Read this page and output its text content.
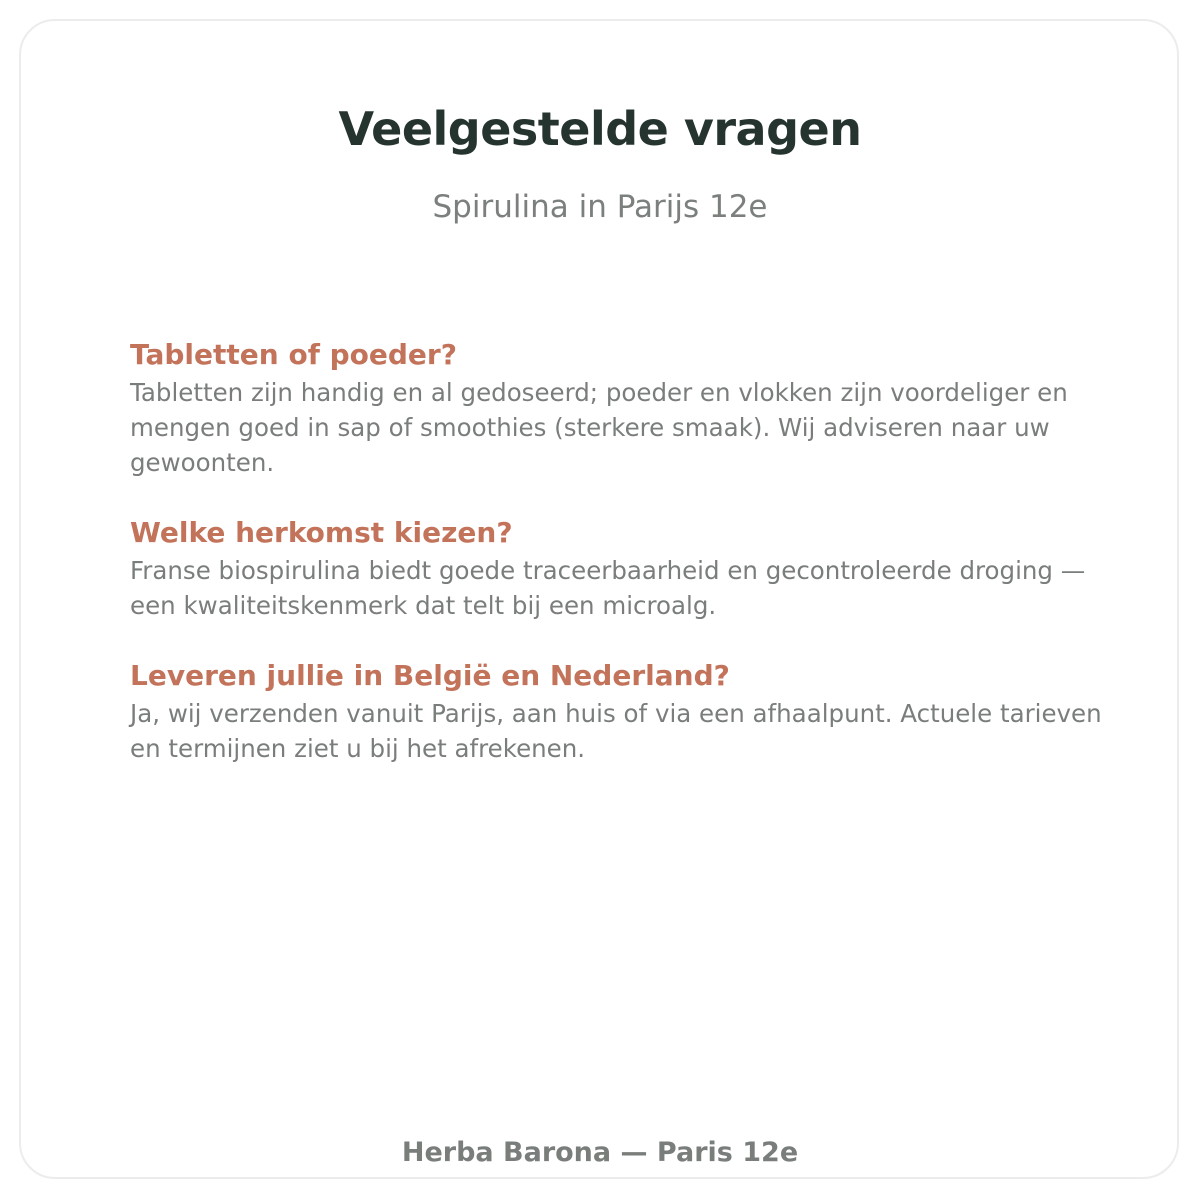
Veelgestelde vragen

Spirulina in Parijs 12e

Tabletten of poeder?

Tabletten zijn handig en al gedoseerd; poeder en vlokken zijn voordeliger en mengen goed in sap of smoothies (sterkere smaak). Wij adviseren naar uw gewoonten.

Welke herkomst kiezen?

Franse biospirulina biedt goede traceerbaarheid en gecontroleerde droging — een kwaliteitskenmerk dat telt bij een microalg.

Leveren jullie in België en Nederland?

Ja, wij verzenden vanuit Parijs, aan huis of via een afhaalpunt. Actuele tarieven en termijnen ziet u bij het afrekenen.

Herba Barona — Paris 12e
